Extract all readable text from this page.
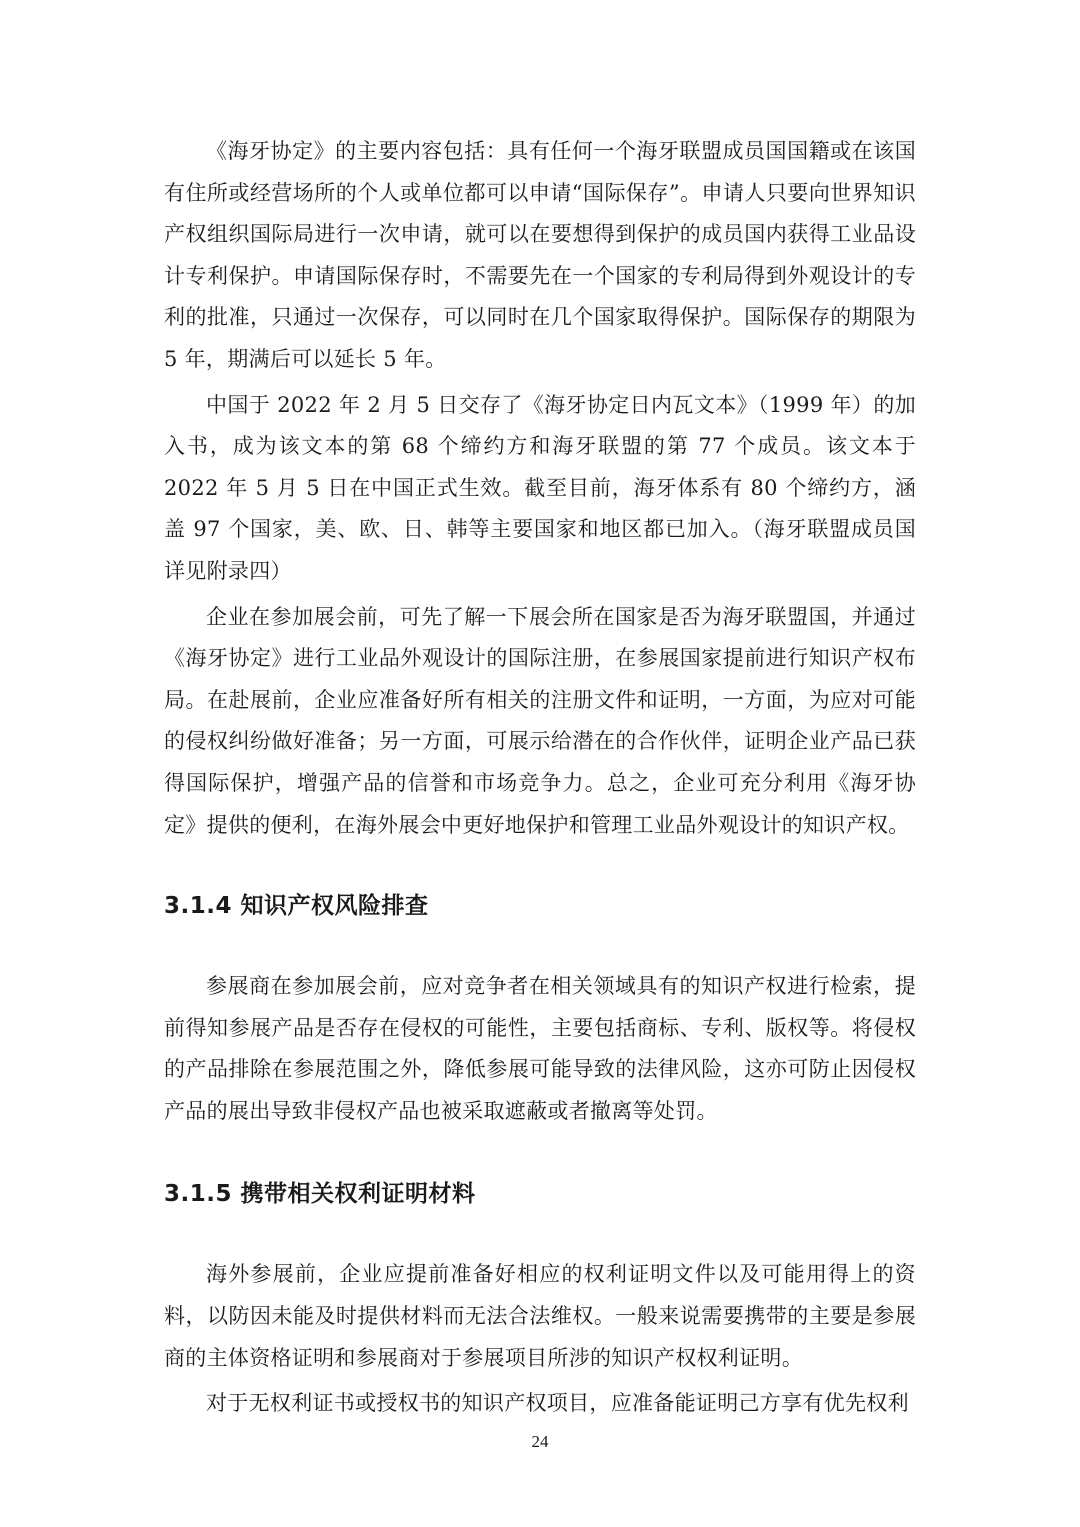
《海牙协定》的主要内容包括：具有任何一个海牙联盟成员国国籍或在该国有住所或经营场所的个人或单位都可以申请“国际保存”。申请人只要向世界知识产权组织国际局进行一次申请，就可以在要想得到保护的成员国内获得工业品设计专利保护。申请国际保存时，不需要先在一个国家的专利局得到外观设计的专利的批准，只通过一次保存，可以同时在几个国家取得保护。国际保存的期限为 5 年，期满后可以延长 5 年。

中国于 2022 年 2 月 5 日交存了《海牙协定日内瓦文本》（1999 年）的加入书，成为该文本的第 68 个缔约方和海牙联盟的第 77 个成员。该文本于 2022 年 5 月 5 日在中国正式生效。截至目前，海牙体系有 80 个缔约方，涵盖 97 个国家，美、欧、日、韩等主要国家和地区都已加入。（海牙联盟成员国详见附录四）

企业在参加展会前，可先了解一下展会所在国家是否为海牙联盟国，并通过《海牙协定》进行工业品外观设计的国际注册，在参展国家提前进行知识产权布局。在赴展前，企业应准备好所有相关的注册文件和证明，一方面，为应对可能的侵权纠纷做好准备；另一方面，可展示给潜在的合作伙伴，证明企业产品已获得国际保护，增强产品的信誉和市场竞争力。总之，企业可充分利用《海牙协定》提供的便利，在海外展会中更好地保护和管理工业品外观设计的知识产权。

3.1.4 知识产权风险排查

参展商在参加展会前，应对竞争者在相关领域具有的知识产权进行检索，提前得知参展产品是否存在侵权的可能性，主要包括商标、专利、版权等。将侵权的产品排除在参展范围之外，降低参展可能导致的法律风险，这亦可防止因侵权产品的展出导致非侵权产品也被采取遮蔽或者撤离等处罚。

3.1.5 携带相关权利证明材料

海外参展前，企业应提前准备好相应的权利证明文件以及可能用得上的资料，以防因未能及时提供材料而无法合法维权。一般来说需要携带的主要是参展商的主体资格证明和参展商对于参展项目所涉的知识产权权利证明。

对于无权利证书或授权书的知识产权项目，应准备能证明己方享有优先权利

24
